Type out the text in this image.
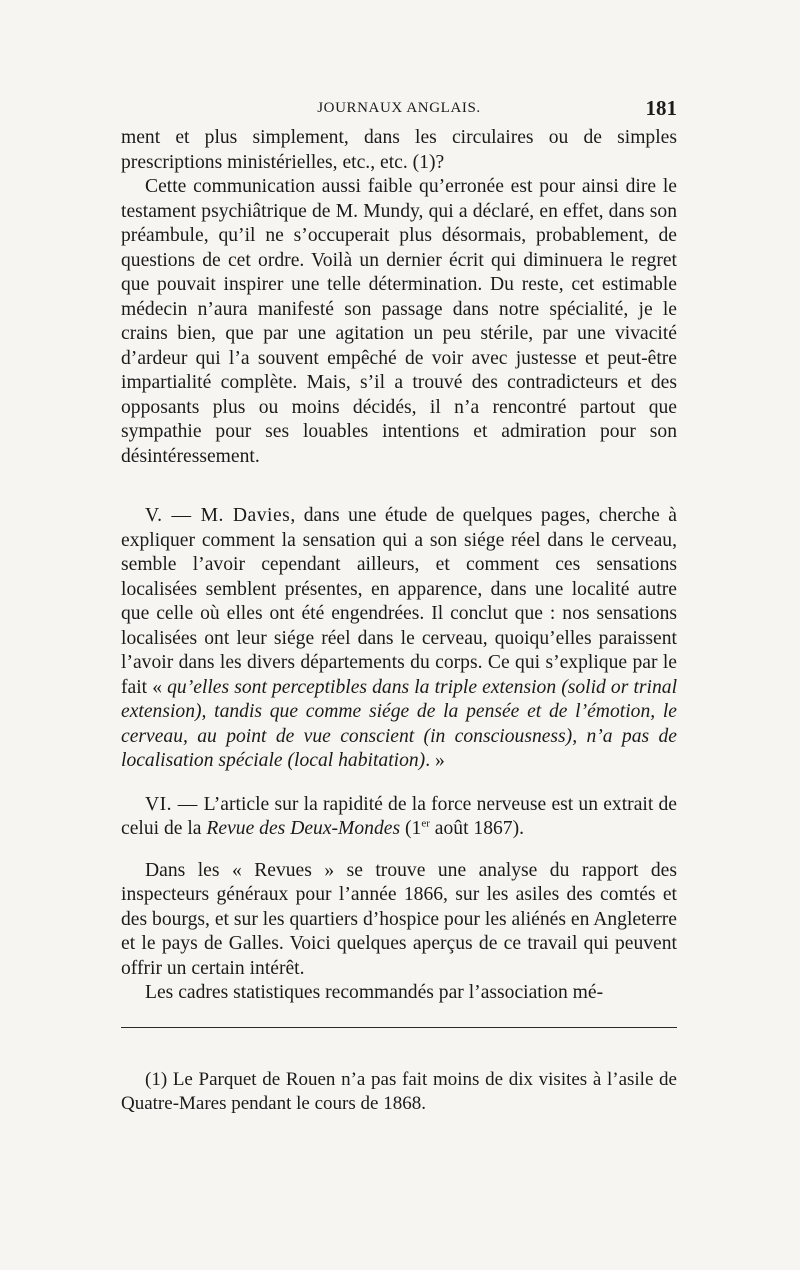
JOURNAUX ANGLAIS.	181

ment et plus simplement, dans les circulaires ou de simples prescriptions ministérielles, etc., etc. (1)?

Cette communication aussi faible qu’erronée est pour ainsi dire le testament psychiâtrique de M. Mundy, qui a déclaré, en effet, dans son préambule, qu’il ne s’occuperait plus désormais, probablement, de questions de cet ordre. Voilà un dernier écrit qui diminuera le regret que pouvait inspirer une telle détermination. Du reste, cet estimable médecin n’aura manifesté son passage dans notre spécialité, je le crains bien, que par une agitation un peu stérile, par une vivacité d’ardeur qui l’a souvent empêché de voir avec justesse et peut-être impartialité complète. Mais, s’il a trouvé des contradicteurs et des opposants plus ou moins décidés, il n’a rencontré partout que sympathie pour ses louables intentions et admiration pour son désintéressement.

V. — M. Davies, dans une étude de quelques pages, cherche à expliquer comment la sensation qui a son siége réel dans le cerveau, semble l’avoir cependant ailleurs, et comment ces sensations localisées semblent présentes, en apparence, dans une localité autre que celle où elles ont été engendrées. Il conclut que : nos sensations localisées ont leur siége réel dans le cerveau, quoiqu’elles paraissent l’avoir dans les divers départements du corps. Ce qui s’explique par le fait « qu’elles sont perceptibles dans la triple extension (solid or trinal extension), tandis que comme siége de la pensée et de l’émotion, le cerveau, au point de vue conscient (in consciousness), n’a pas de localisation spéciale (local habitation). »

VI. — L’article sur la rapidité de la force nerveuse est un extrait de celui de la Revue des Deux-Mondes (1er août 1867).

Dans les « Revues » se trouve une analyse du rapport des inspecteurs généraux pour l’année 1866, sur les asiles des comtés et des bourgs, et sur les quartiers d’hospice pour les aliénés en Angleterre et le pays de Galles. Voici quelques aperçus de ce travail qui peuvent offrir un certain intérêt.

Les cadres statistiques recommandés par l’association mé-

(1) Le Parquet de Rouen n’a pas fait moins de dix visites à l’asile de Quatre-Mares pendant le cours de 1868.
